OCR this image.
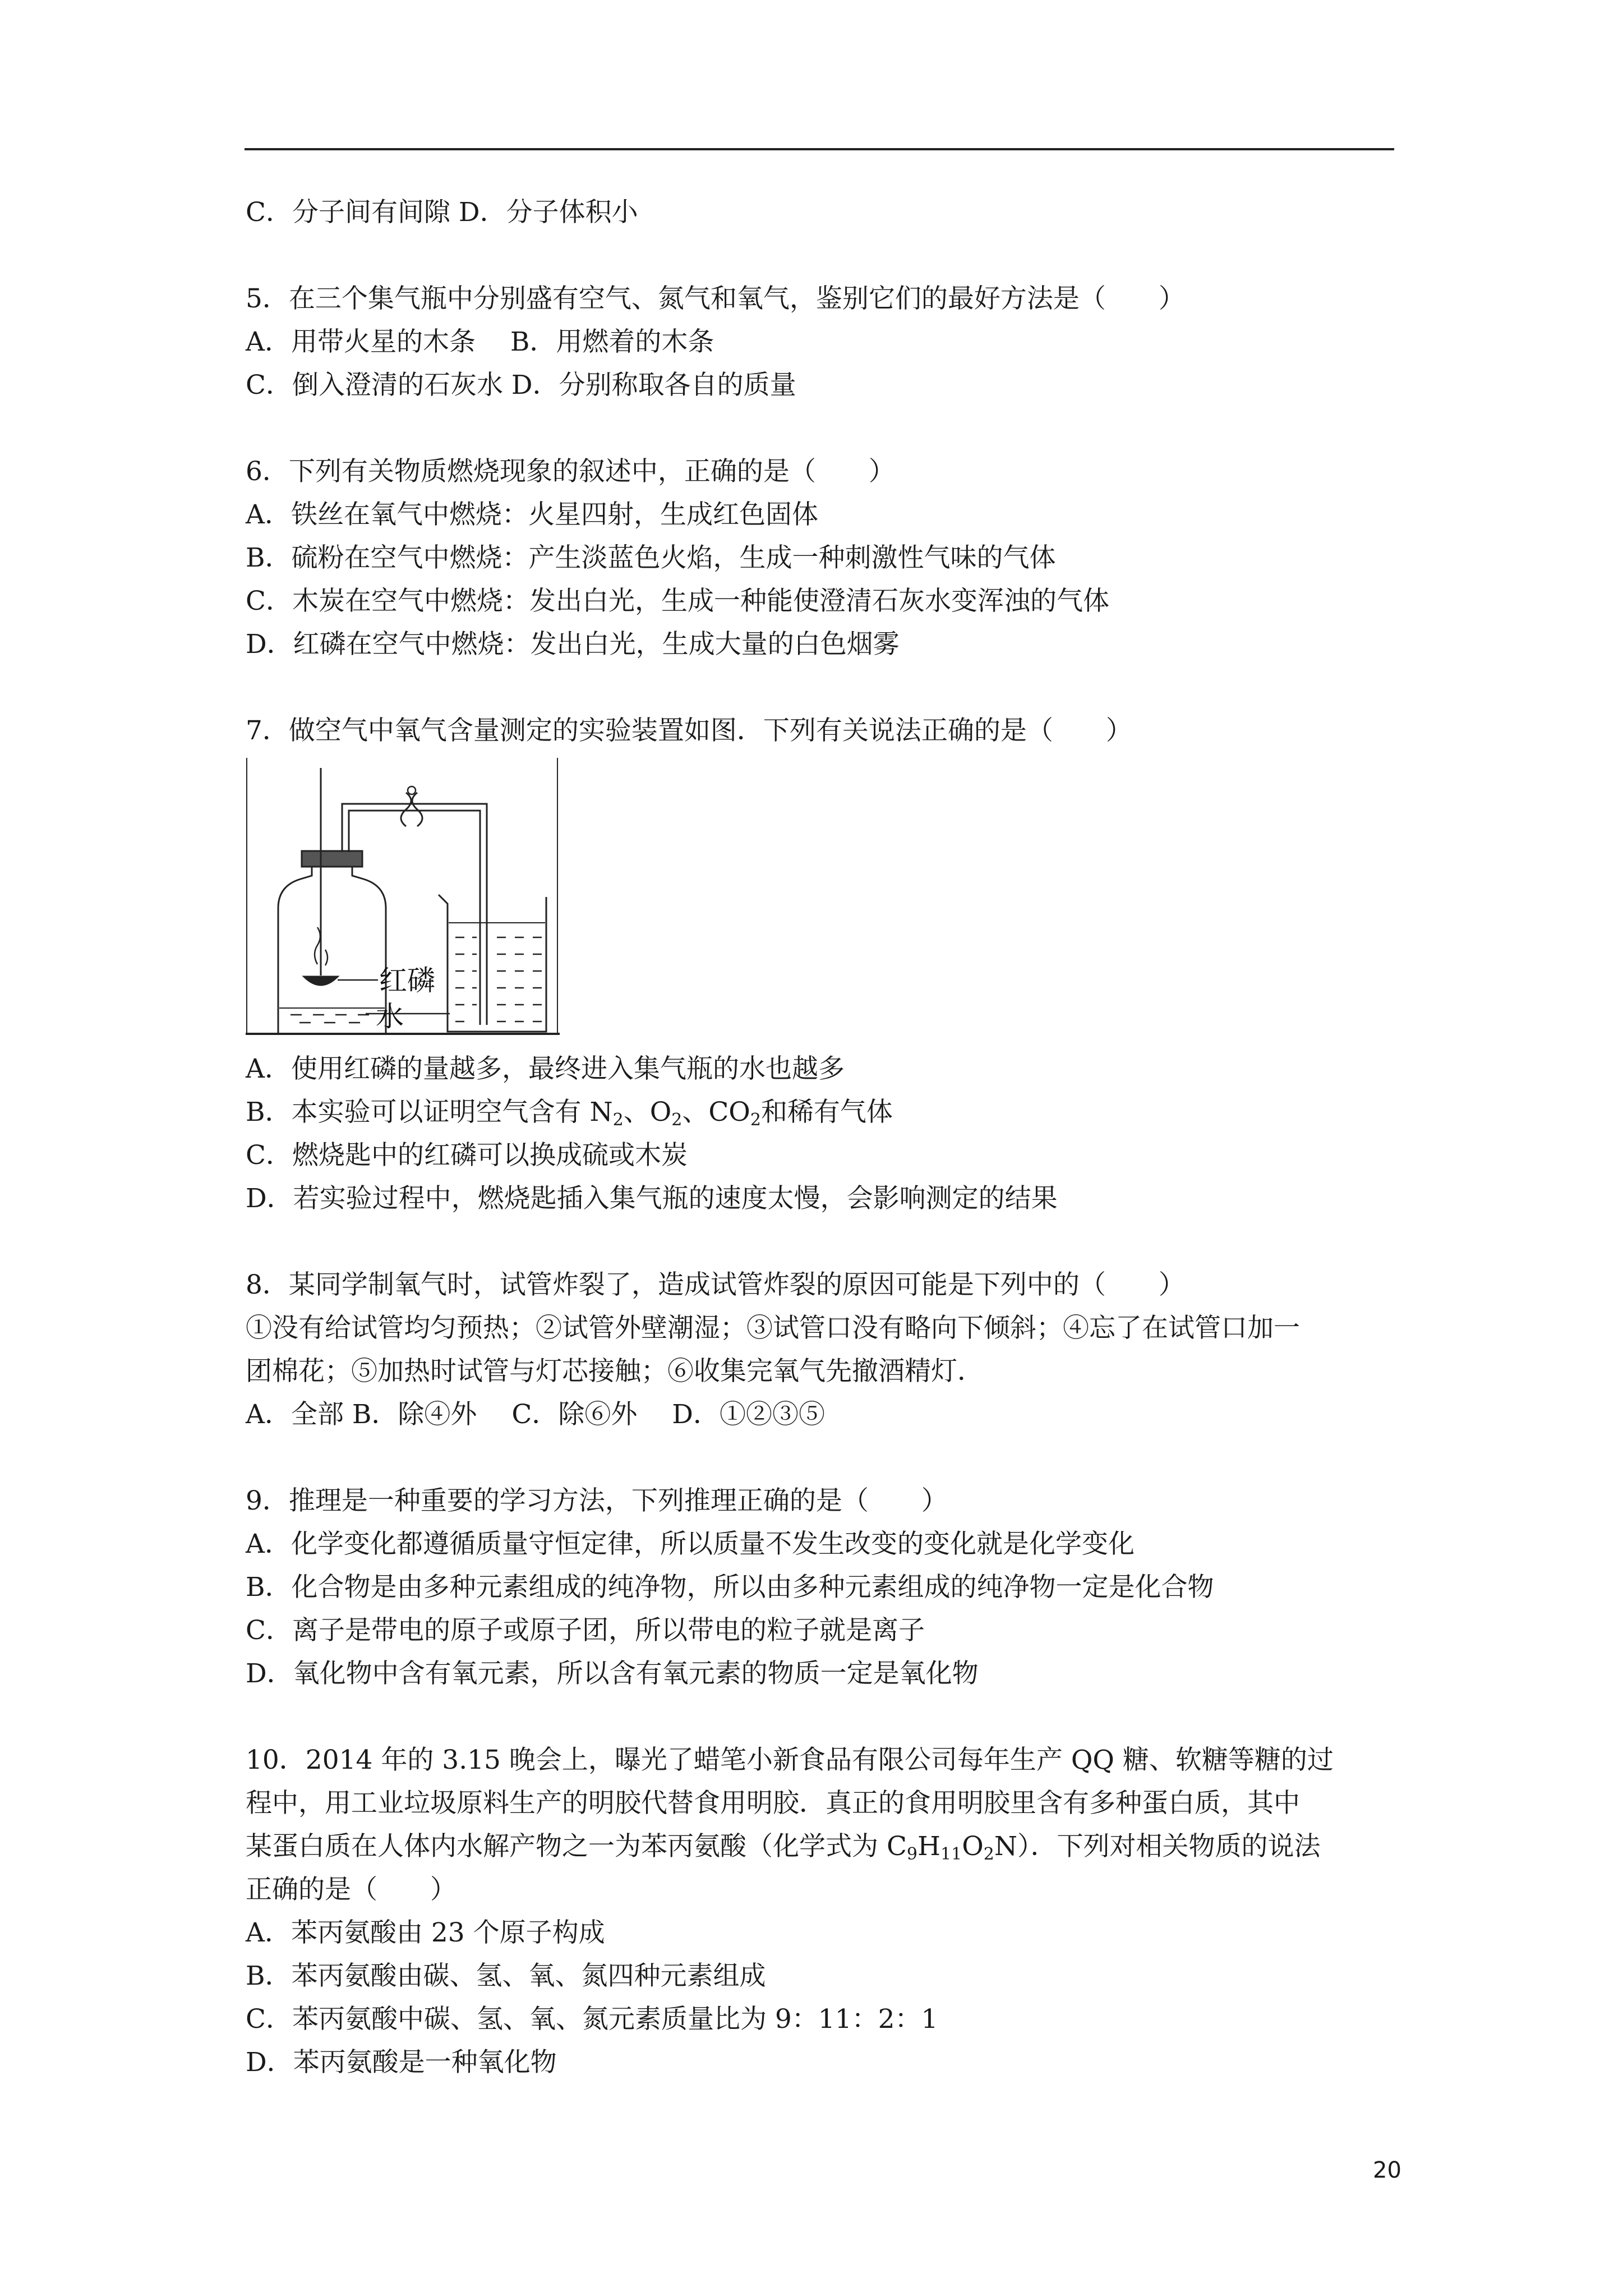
C．分子间有间隙 D．分子体积小
5．在三个集气瓶中分别盛有空气、氮气和氧气，鉴别它们的最好方法是（　　）
A．用带火星的木条　 B．用燃着的木条
C．倒入澄清的石灰水 D．分别称取各自的质量
6．下列有关物质燃烧现象的叙述中，正确的是（　　）
A．铁丝在氧气中燃烧：火星四射，生成红色固体
B．硫粉在空气中燃烧：产生淡蓝色火焰，生成一种刺激性气味的气体
C．木炭在空气中燃烧：发出白光，生成一种能使澄清石灰水变浑浊的气体
D．红磷在空气中燃烧：发出白光，生成大量的白色烟雾
7．做空气中氧气含量测定的实验装置如图．下列有关说法正确的是（　　）
红磷
水
A．使用红磷的量越多，最终进入集气瓶的水也越多
B．本实验可以证明空气含有 $N_2$、$O_2$、$CO_2$和稀有气体
C．燃烧匙中的红磷可以换成硫或木炭
D．若实验过程中，燃烧匙插入集气瓶的速度太慢，会影响测定的结果
8．某同学制氧气时，试管炸裂了，造成试管炸裂的原因可能是下列中的（　　）
①没有给试管均匀预热；②试管外壁潮湿；③试管口没有略向下倾斜；④忘了在试管口加一
团棉花；⑤加热时试管与灯芯接触；⑥收集完氧气先撤酒精灯．
A．全部 B．除④外　 C．除⑥外　 D．①②③⑤
9．推理是一种重要的学习方法，下列推理正确的是（　　）
A．化学变化都遵循质量守恒定律，所以质量不发生改变的变化就是化学变化
B．化合物是由多种元素组成的纯净物，所以由多种元素组成的纯净物一定是化合物
C．离子是带电的原子或原子团，所以带电的粒子就是离子
D．氧化物中含有氧元素，所以含有氧元素的物质一定是氧化物
10．2014 年的 3.15 晚会上，曝光了蜡笔小新食品有限公司每年生产 QQ 糖、软糖等糖的过
程中，用工业垃圾原料生产的明胶代替食用明胶．真正的食用明胶里含有多种蛋白质，其中
某蛋白质在人体内水解产物之一为苯丙氨酸（化学式为 $C_9H_{11}O_2N$）．下列对相关物质的说法
正确的是（　　）
A．苯丙氨酸由 23 个原子构成
B．苯丙氨酸由碳、氢、氧、氮四种元素组成
C．苯丙氨酸中碳、氢、氧、氮元素质量比为 9：11：2：1
D．苯丙氨酸是一种氧化物
20
